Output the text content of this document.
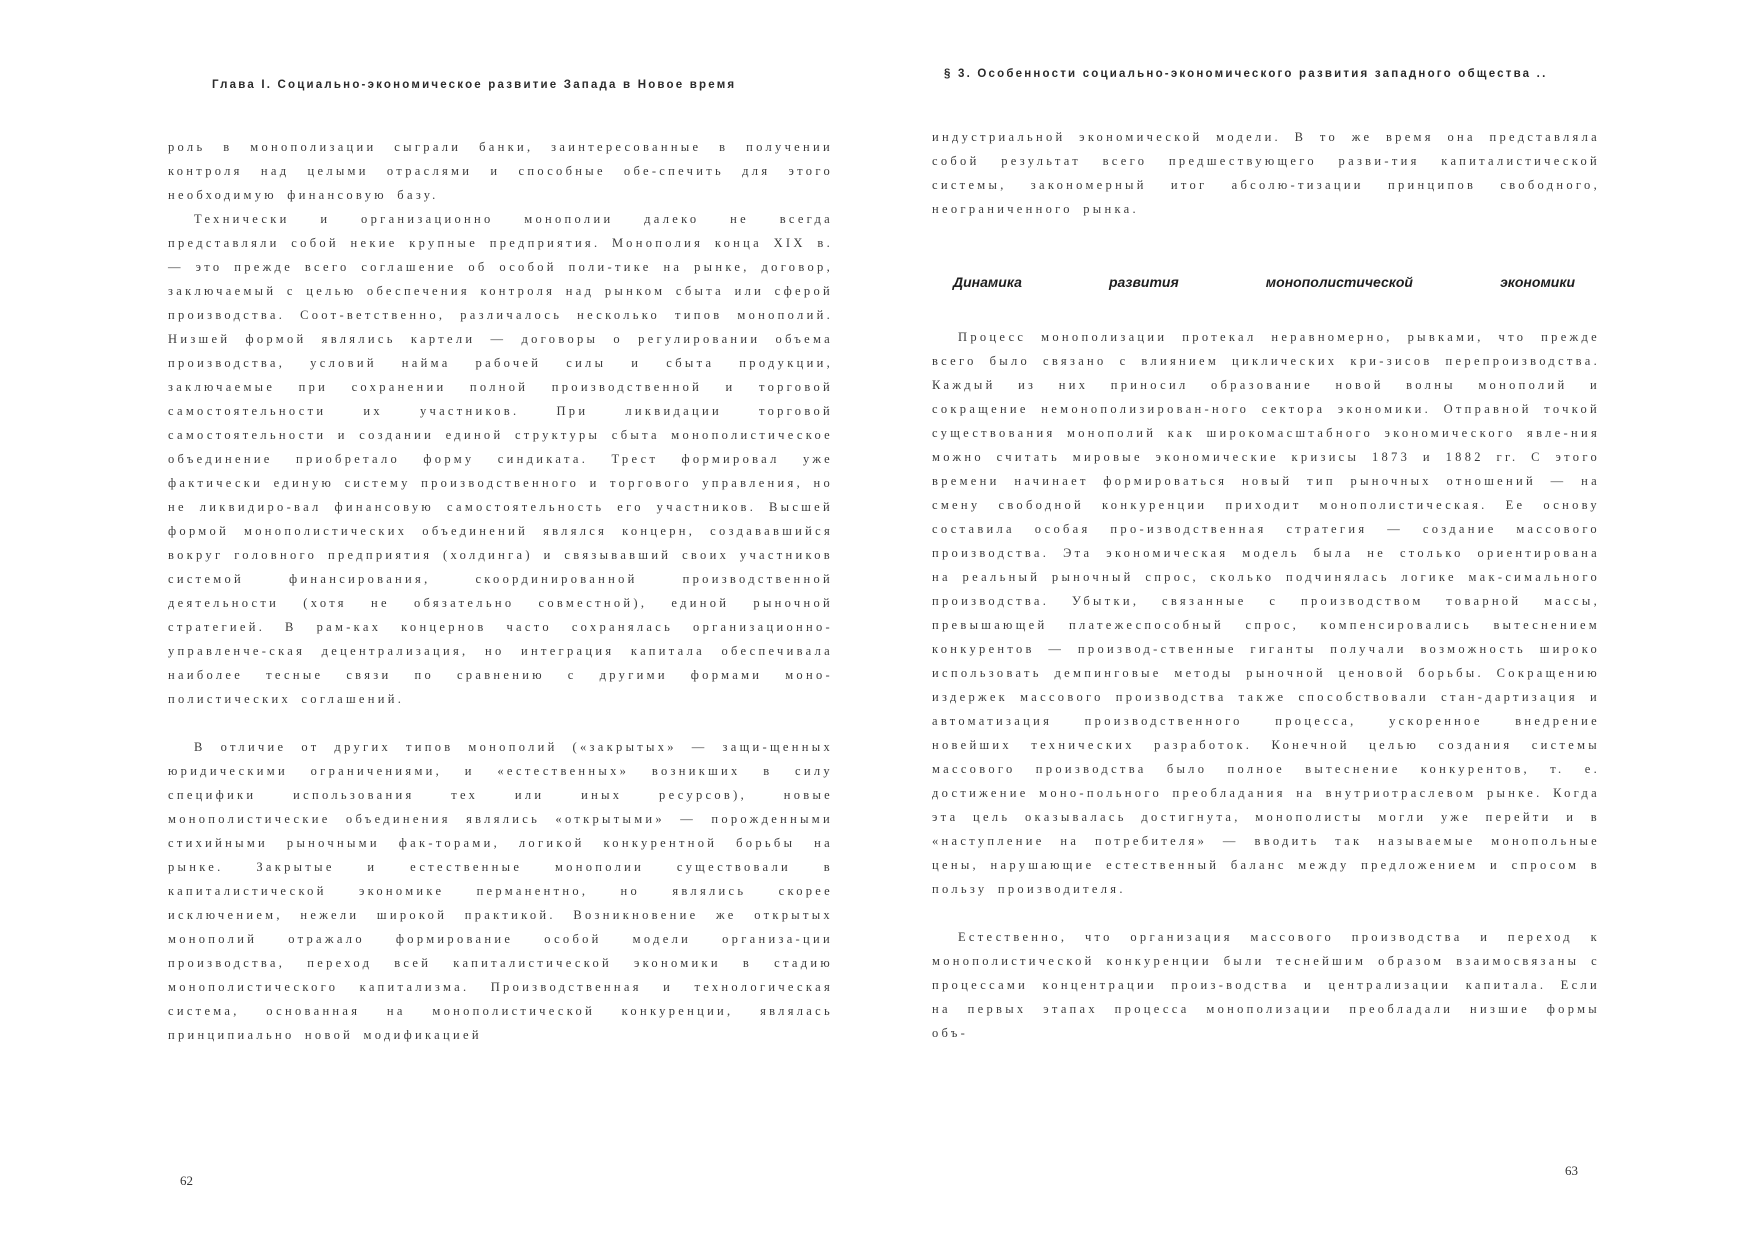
Глава I. Социально-экономическое развитие Запада в Новое время

роль в монополизации сыграли банки, заинтересованные в получении контроля над целыми отраслями и способные обе-спечить для этого необходимую финансовую базу.

Технически и организационно монополии далеко не всегда представляли собой некие крупные предприятия. Монополия конца XIX в. — это прежде всего соглашение об особой поли-тике на рынке, договор, заключаемый с целью обеспечения контроля над рынком сбыта или сферой производства. Соот-ветственно, различалось несколько типов монополий. Низшей формой являлись картели — договоры о регулировании объема производства, условий найма рабочей силы и сбыта продукции, заключаемые при сохранении полной производственной и торговой самостоятельности их участников. При ликвидации торговой самостоятельности и создании единой структуры сбыта монополистическое объединение приобретало форму синдиката. Трест формировал уже фактически единую систему производственного и торгового управления, но не ликвидиро-вал финансовую самостоятельность его участников. Высшей формой монополистических объединений являлся концерн, создававшийся вокруг головного предприятия (холдинга) и связывавший своих участников системой финансирования, скоординированной производственной деятельности (хотя не обязательно совместной), единой рыночной стратегией. В рам-ках концернов часто сохранялась организационно-управленче-ская децентрализация, но интеграция капитала обеспечивала наиболее тесные связи по сравнению с другими формами моно-полистических соглашений.

В отличие от других типов монополий («закрытых» — защи-щенных юридическими ограничениями, и «естественных» возникших в силу специфики использования тех или иных ресурсов), новые монополистические объединения являлись «открытыми» — порожденными стихийными рыночными фак-торами, логикой конкурентной борьбы на рынке. Закрытые и естественные монополии существовали в капиталистической экономике перманентно, но являлись скорее исключением, нежели широкой практикой. Возникновение же открытых монополий отражало формирование особой модели организа-ции производства, переход всей капиталистической экономики в стадию монополистического капитализма. Производственная и технологическая система, основанная на монополистической конкуренции, являлась принципиально новой модификацией

62
§ 3. Особенности социально-экономического развития западного общества ..

индустриальной экономической модели. В то же время она представляла собой результат всего предшествующего разви-тия капиталистической системы, закономерный итог абсолю-тизации принципов свободного, неограниченного рынка.

Динамика	развития	монополистической	экономики

Процесс монополизации протекал неравномерно, рывками, что прежде всего было связано с влиянием циклических кри-зисов перепроизводства. Каждый из них приносил образование новой волны монополий и сокращение немонополизирован-ного сектора экономики. Отправной точкой существования монополий как широкомасштабного экономического явле-ния можно считать мировые экономические кризисы 1873 и 1882 гг. С этого времени начинает формироваться новый тип рыночных отношений — на смену свободной конкуренции приходит монополистическая. Ее основу составила особая про-изводственная стратегия — создание массового производства. Эта экономическая модель была не столько ориентирована на реальный рыночный спрос, сколько подчинялась логике мак-симального производства. Убытки, связанные с производством товарной массы, превышающей платежеспособный спрос, компенсировались вытеснением конкурентов — производ-ственные гиганты получали возможность широко использовать демпинговые методы рыночной ценовой борьбы. Сокращению издержек массового производства также способствовали стан-дартизация и автоматизация производственного процесса, ускоренное внедрение новейших технических разработок. Конечной целью создания системы массового производства было полное вытеснение конкурентов, т. е. достижение моно-польного преобладания на внутриотраслевом рынке. Когда эта цель оказывалась достигнута, монополисты могли уже перейти и в «наступление на потребителя» — вводить так называемые монопольные цены, нарушающие естественный баланс между предложением и спросом в пользу производителя.

Естественно, что организация массового производства и переход к монополистической конкуренции были теснейшим образом взаимосвязаны с процессами концентрации произ-водства и централизации капитала. Если на первых этапах процесса монополизации преобладали низшие формы объ-

63
